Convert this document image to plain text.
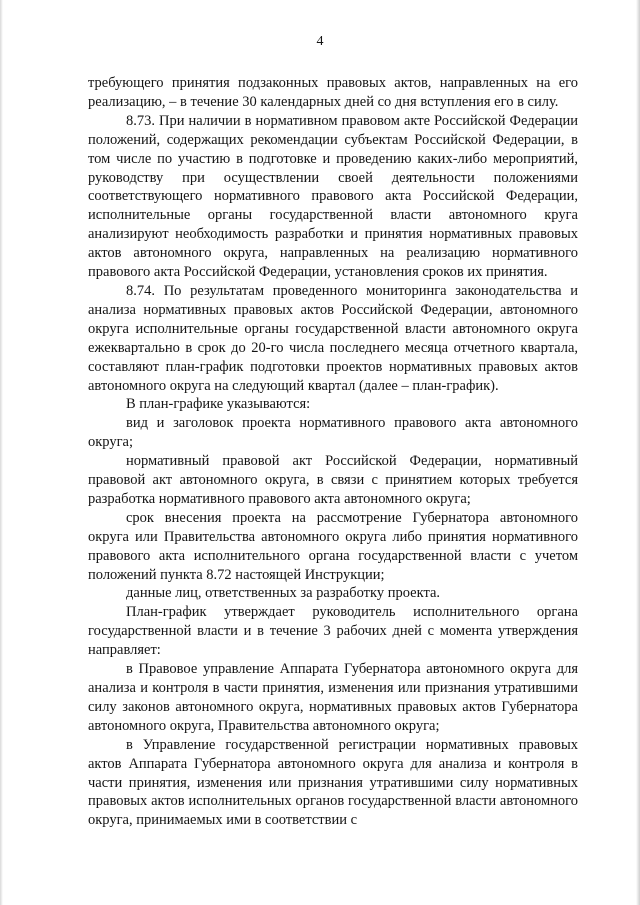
4

требующего принятия подзаконных правовых актов, направленных на его реализацию, – в течение 30 календарных дней со дня вступления его в силу.

8.73. При наличии в нормативном правовом акте Российской Федерации положений, содержащих рекомендации субъектам Российской Федерации, в том числе по участию в подготовке и проведению каких-либо мероприятий, руководству при осуществлении своей деятельности положениями соответствующего нормативного правового акта Российской Федерации, исполнительные органы государственной власти автономного круга анализируют необходимость разработки и принятия нормативных правовых актов автономного округа, направленных на реализацию нормативного правового акта Российской Федерации, установления сроков их принятия.

8.74. По результатам проведенного мониторинга законодательства и анализа нормативных правовых актов Российской Федерации, автономного округа исполнительные органы государственной власти автономного округа ежеквартально в срок до 20-го числа последнего месяца отчетного квартала, составляют план-график подготовки проектов нормативных правовых актов автономного округа на следующий квартал (далее – план-график).

В план-графике указываются:

вид и заголовок проекта нормативного правового акта автономного округа;

нормативный правовой акт Российской Федерации, нормативный правовой акт автономного округа, в связи с принятием которых требуется разработка нормативного правового акта автономного округа;

срок внесения проекта на рассмотрение Губернатора автономного округа или Правительства автономного округа либо принятия нормативного правового акта исполнительного органа государственной власти с учетом положений пункта 8.72 настоящей Инструкции;

данные лиц, ответственных за разработку проекта.

План-график утверждает руководитель исполнительного органа государственной власти и в течение 3 рабочих дней с момента утверждения направляет:

в Правовое управление Аппарата Губернатора автономного округа для анализа и контроля в части принятия, изменения или признания утратившими силу законов автономного округа, нормативных правовых актов Губернатора автономного округа, Правительства автономного округа;

в Управление государственной регистрации нормативных правовых актов Аппарата Губернатора автономного округа для анализа и контроля в части принятия, изменения или признания утратившими силу нормативных правовых актов исполнительных органов государственной власти автономного округа, принимаемых ими в соответствии с
